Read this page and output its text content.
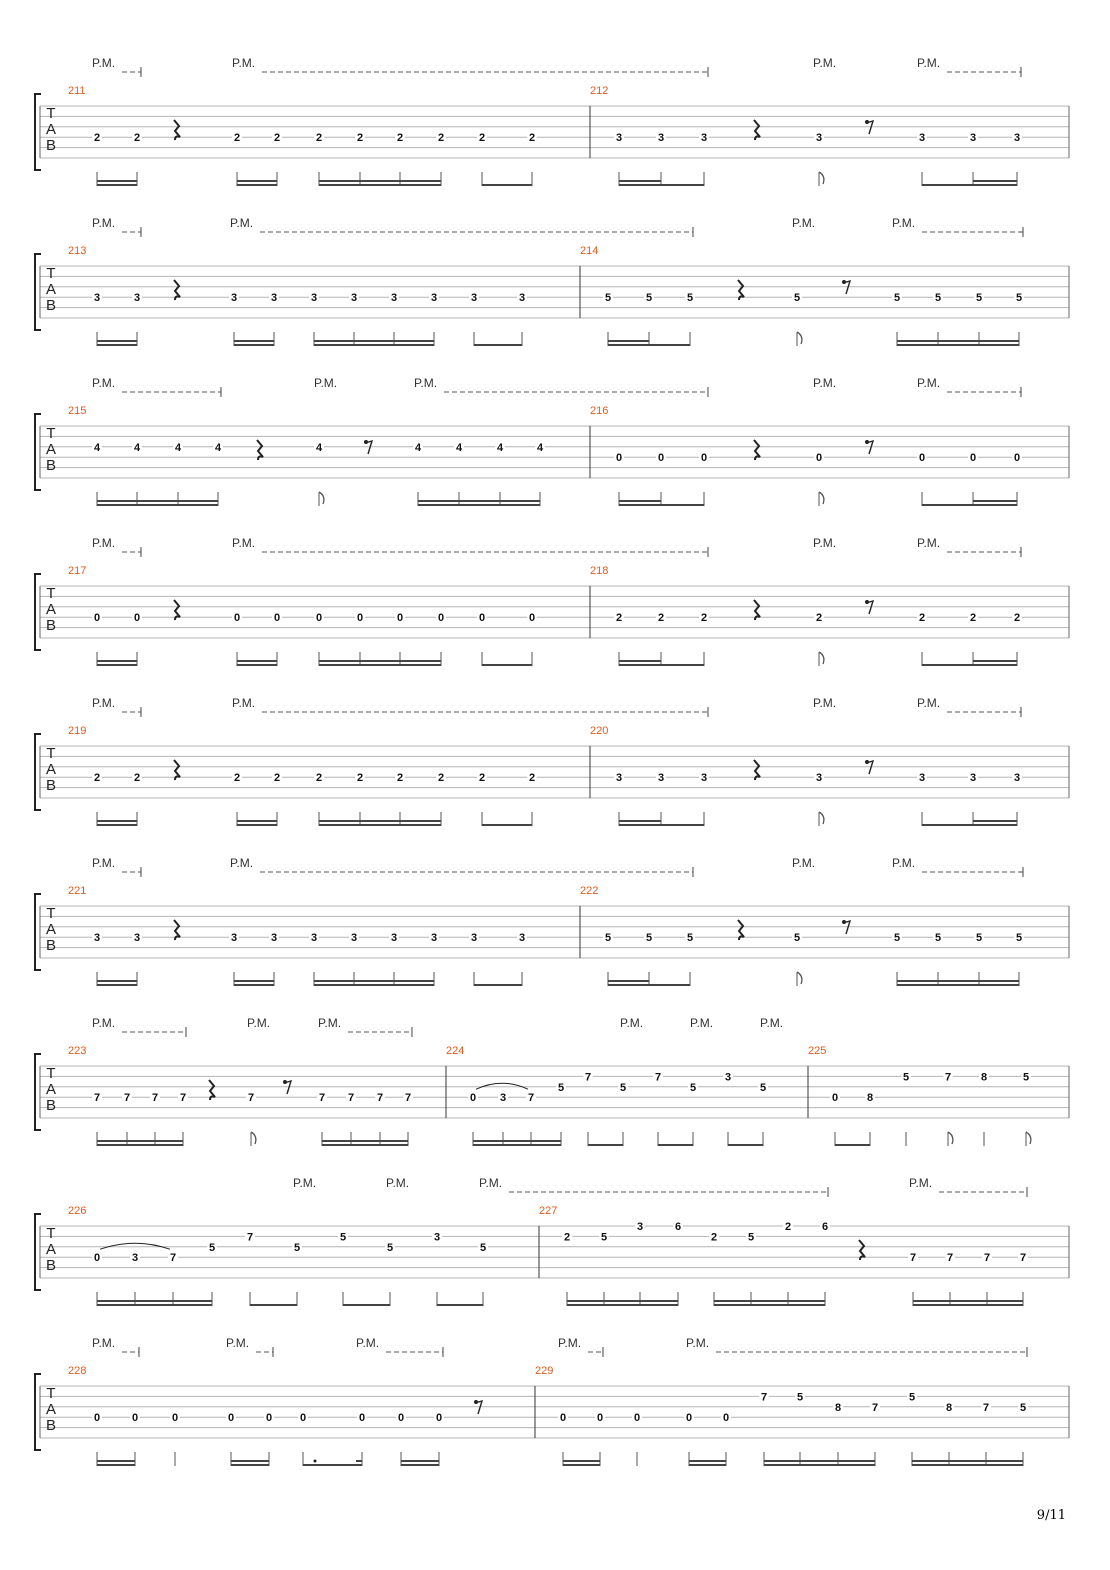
P.M.	P.M.	P.M.	P.M.
T
A
B
211	212
2	2	2	2	2	2	2	2	2	2	3	3	3	3	3	3	3
P.M.	P.M.	P.M.	P.M.
T
A
B
213	214
3	3	3	3	3	3	3	3	3	3	5	5	5	5	5	5	5	5
P.M.	P.M.	P.M.	P.M.	P.M.
T
A
B
215	216
4	4	4	4	4	4	4	4	4
0	0	0	0	0	0	0
P.M.	P.M.	P.M.	P.M.
T
A
B
217	218
0	0	0	0	0	0	0	0	0	0	2	2	2	2	2	2	2
P.M.	P.M.	P.M.	P.M.
T
A
B
219	220
2	2	2	2	2	2	2	2	2	2	3	3	3	3	3	3	3
P.M.	P.M.	P.M.	P.M.
T
A
B
221	222
3	3	3	3	3	3	3	3	3	3	5	5	5	5	5	5	5	5
P.M.	P.M.	P.M.	P.M.	P.M.	P.M.
T
A
B
223	224	225
7 7 7 7	7	7 7 7 7	0 3 7
5
7
5
7
5
3
5
0	8
5	7	8	5
P.M.	P.M.	P.M.	P.M.
T
A
B
226	227
0	3	7
5
7
5
5
5
3
5
2	5
3	6
2	5
2	6
7	7	7	7
P.M.	P.M.	P.M.	P.M.	P.M.
T
A
B
228	229
0	0	0	0	0	0	0	0	0	0	0	0	0	0
7	5
8	7
5
8	7	5
9/11
